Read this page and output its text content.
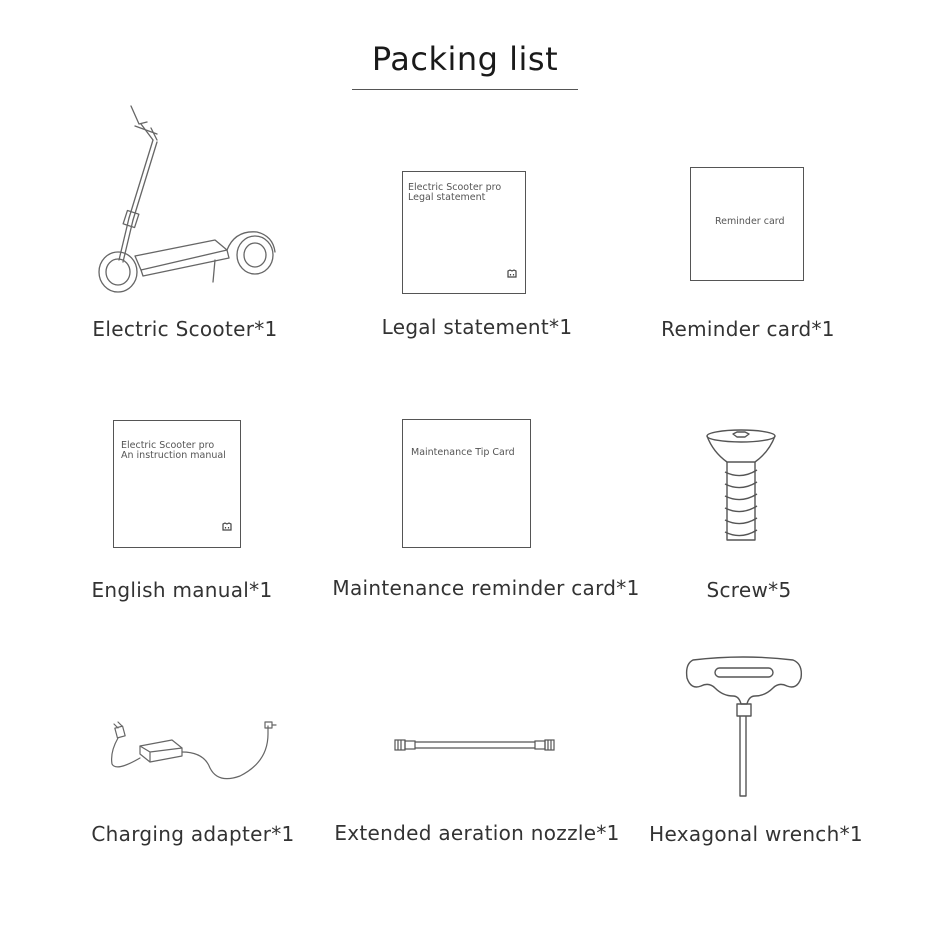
Packing list
Electric Scooter*1
Electric Scooter pro
Legal statement
Legal statement*1
Reminder card
Reminder card*1
Electric Scooter pro
An instruction manual
English manual*1
Maintenance Tip Card
Maintenance reminder card*1	Screw*5
Charging adapter*1 Extended aeration nozzle*1 Hexagonal wrench*1
